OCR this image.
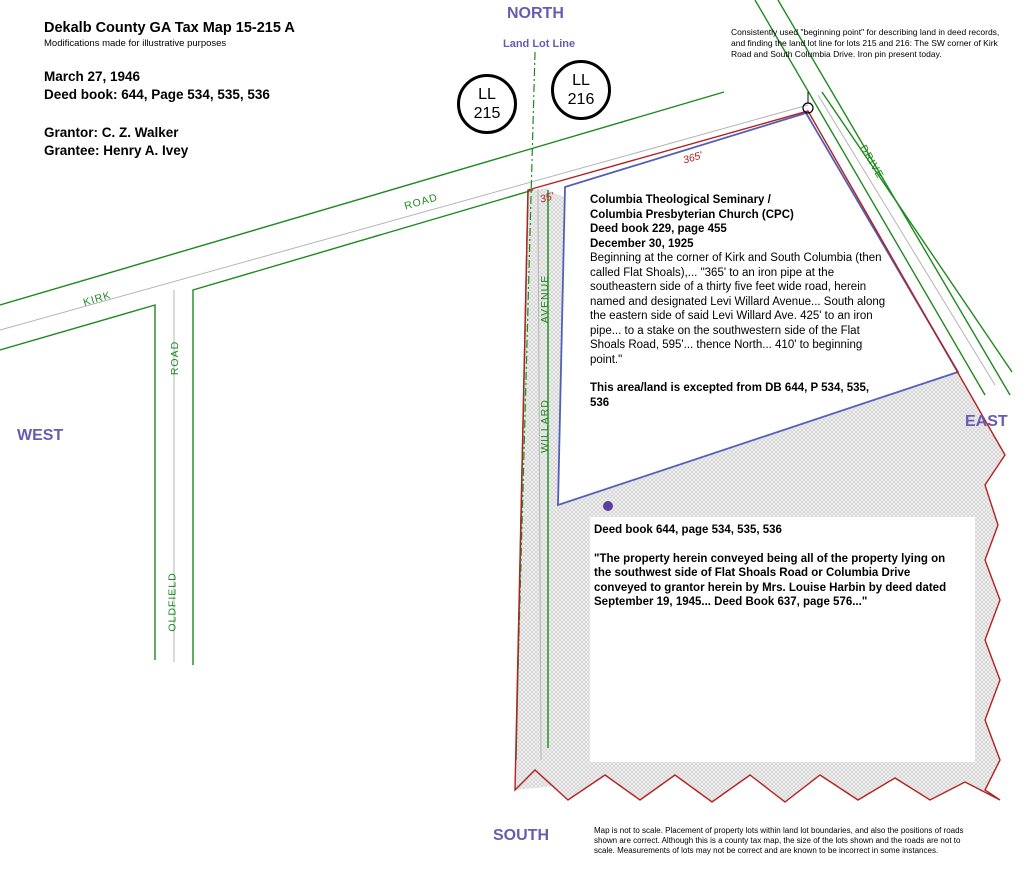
Dekalb County GA Tax Map 15-215 A
Modifications made for illustrative purposes
March 27, 1946
Deed book: 644, Page 534, 535, 536
Grantor: C. Z. Walker
Grantee: Henry A. Ivey
NORTH
SOUTH
EAST
WEST
Land Lot Line
LL
215
LL
216
ROAD
KIRK
DRIVE
ROAD
OLDFIELD
AVENUE
WILLARD
365'
35'
Consistently used "beginning point" for describing land in deed records, and finding the land lot line for lots 215 and 216: The SW corner of Kirk Road and South Columbia Drive. Iron pin present today.
Columbia Theological Seminary /
Columbia Presbyterian Church (CPC)
Deed book 229, page 455
December 30, 1925
Beginning at the corner of Kirk and South Columbia (then called Flat Shoals),... "365' to an iron pipe at the southeastern side of a thirty five feet wide road, herein named and designated Levi Willard Avenue... South along the eastern side of said Levi Willard Ave. 425' to an iron pipe... to a stake on the southwestern side of the Flat Shoals Road, 595'... thence North... 410' to beginning point."
This area/land is excepted from DB 644, P 534, 535, 536
Deed book 644, page 534, 535, 536
"The property herein conveyed being all of the property lying on the southwest side of Flat Shoals Road or Columbia Drive conveyed to grantor herein by Mrs. Louise Harbin by deed dated September 19, 1945... Deed Book 637, page 576..."
Map is not to scale. Placement of property lots within land lot boundaries, and also the positions of roads shown are correct. Although this is a county tax map, the size of the lots shown and the roads are not to scale. Measurements of lots may not be correct and are known to be incorrect in some instances.
